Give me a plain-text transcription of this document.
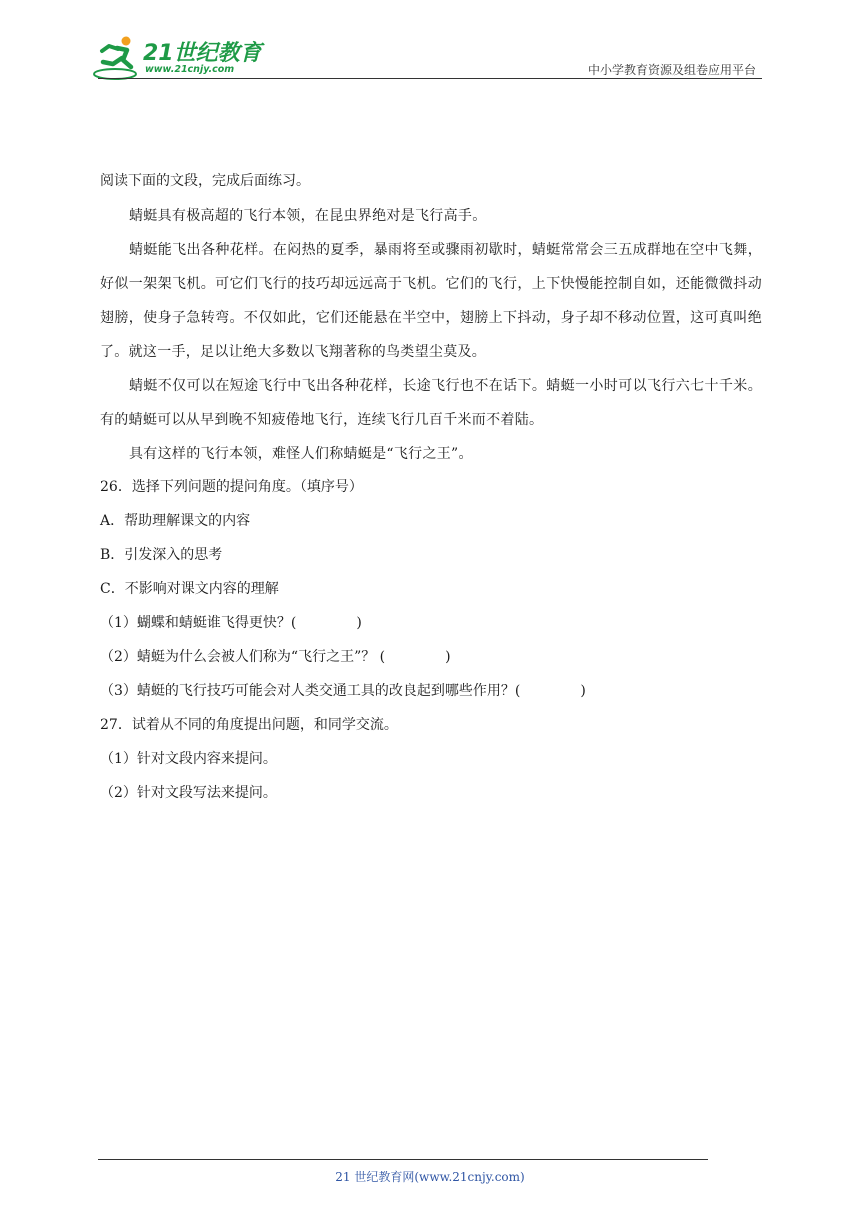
21世纪教育
www.21cnjy.com	中小学教育资源及组卷应用平台
阅读下面的文段，完成后面练习。
蜻蜓具有极高超的飞行本领，在昆虫界绝对是飞行高手。
蜻蜓能飞出各种花样。在闷热的夏季，暴雨将至或骤雨初歇时，蜻蜓常常会三五成群地在空中飞舞，好似一架架飞机。可它们飞行的技巧却远远高于飞机。它们的飞行，上下快慢能控制自如，还能微微抖动翅膀，使身子急转弯。不仅如此，它们还能悬在半空中，翅膀上下抖动，身子却不移动位置，这可真叫绝了。就这一手，足以让绝大多数以飞翔著称的鸟类望尘莫及。
蜻蜓不仅可以在短途飞行中飞出各种花样，长途飞行也不在话下。蜻蜓一小时可以飞行六七十千米。有的蜻蜓可以从早到晚不知疲倦地飞行，连续飞行几百千米而不着陆。
具有这样的飞行本领，难怪人们称蜻蜓是“飞行之王”。
26．选择下列问题的提问角度。（填序号）
A．帮助理解课文的内容
B．引发深入的思考
C．不影响对课文内容的理解
（1）蝴蝶和蜻蜓谁飞得更快？(	)
（2）蜻蜓为什么会被人们称为“飞行之王”？ (	)
（3）蜻蜓的飞行技巧可能会对人类交通工具的改良起到哪些作用？(	)
27．试着从不同的角度提出问题，和同学交流。
（1）针对文段内容来提问。
（2）针对文段写法来提问。
21 世纪教育网(www.21cnjy.com)
